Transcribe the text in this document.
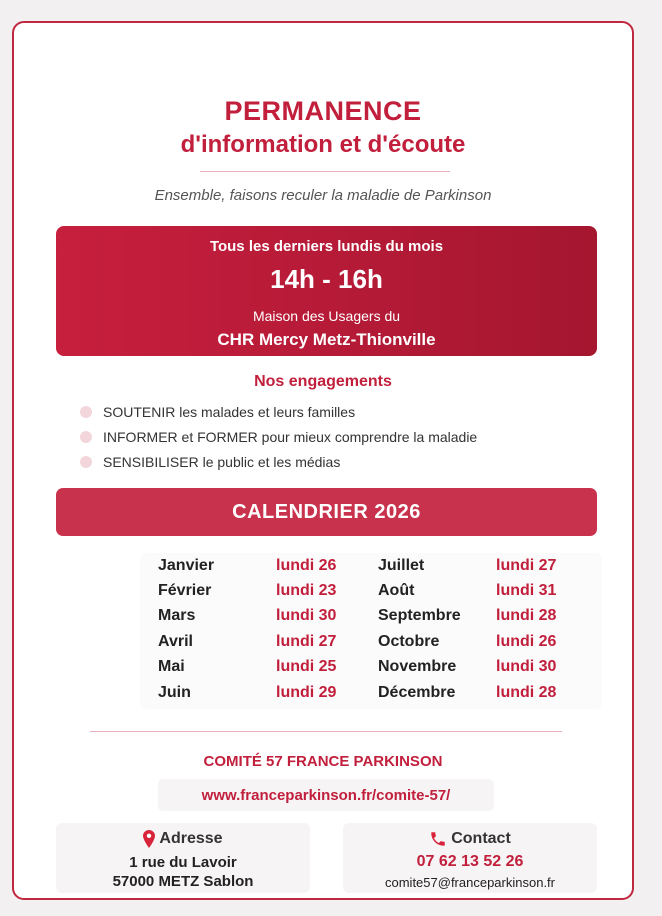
PERMANENCE
d'information et d'écoute
Ensemble, faisons reculer la maladie de Parkinson
Tous les derniers lundis du mois
14h - 16h
Maison des Usagers du
CHR Mercy Metz-Thionville
Nos engagements
SOUTENIR les malades et leurs familles
INFORMER et FORMER pour mieux comprendre la maladie
SENSIBILISER le public et les médias
CALENDRIER 2026
Janvier	lundi 26	Juillet	lundi 27
Février	lundi 23	Août	lundi 31
Mars	lundi 30	Septembre lundi 28
Avril	lundi 27	Octobre	lundi 26
Mai	lundi 25	Novembre lundi 30
Juin	lundi 29	Décembre	lundi 28
COMITÉ 57 FRANCE PARKINSON
www.franceparkinson.fr/comite-57/
Adresse
1 rue du Lavoir
57000 METZ Sablon
Contact
07 62 13 52 26
comite57@franceparkinson.fr
